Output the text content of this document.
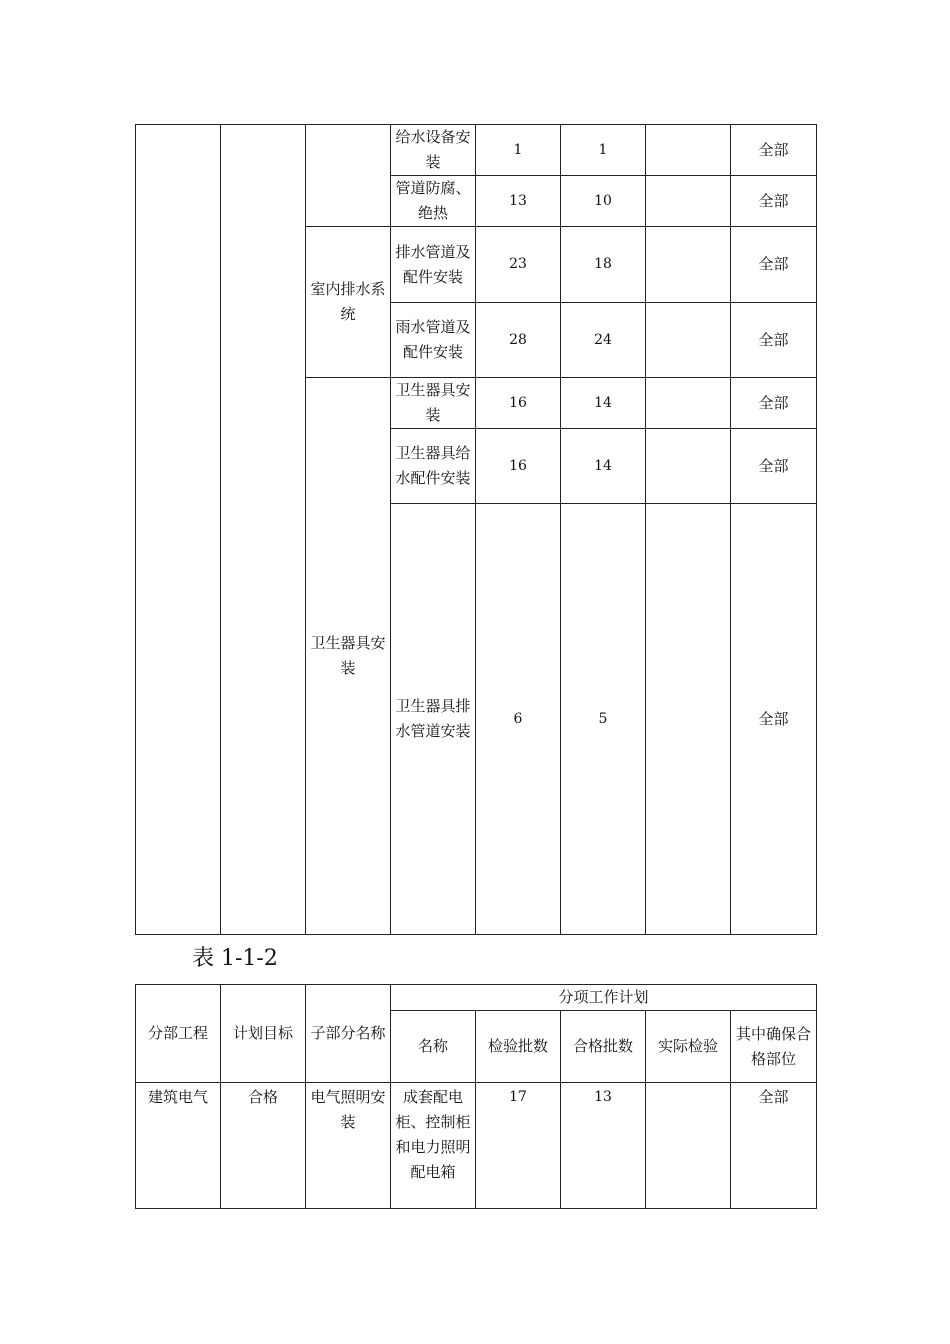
			给水设备安装	1	1		全部
			管道防腐、绝热	13	10		全部
		室内排水系统	排水管道及配件安装	23	18		全部
			雨水管道及配件安装	28	24		全部
		卫生器具安装	卫生器具安装	16	14		全部
			卫生器具给水配件安装	16	14		全部
			卫生器具排水管道安装	6	5		全部
表 1-1-2
分部工程	计划目标	子部分名称	分项工作计划				
			名称	检验批数	合格批数	实际检验	其中确保合格部位
建筑电气	合格	电气照明安装	成套配电柜、控制柜和电力照明配电箱	17	13		全部
